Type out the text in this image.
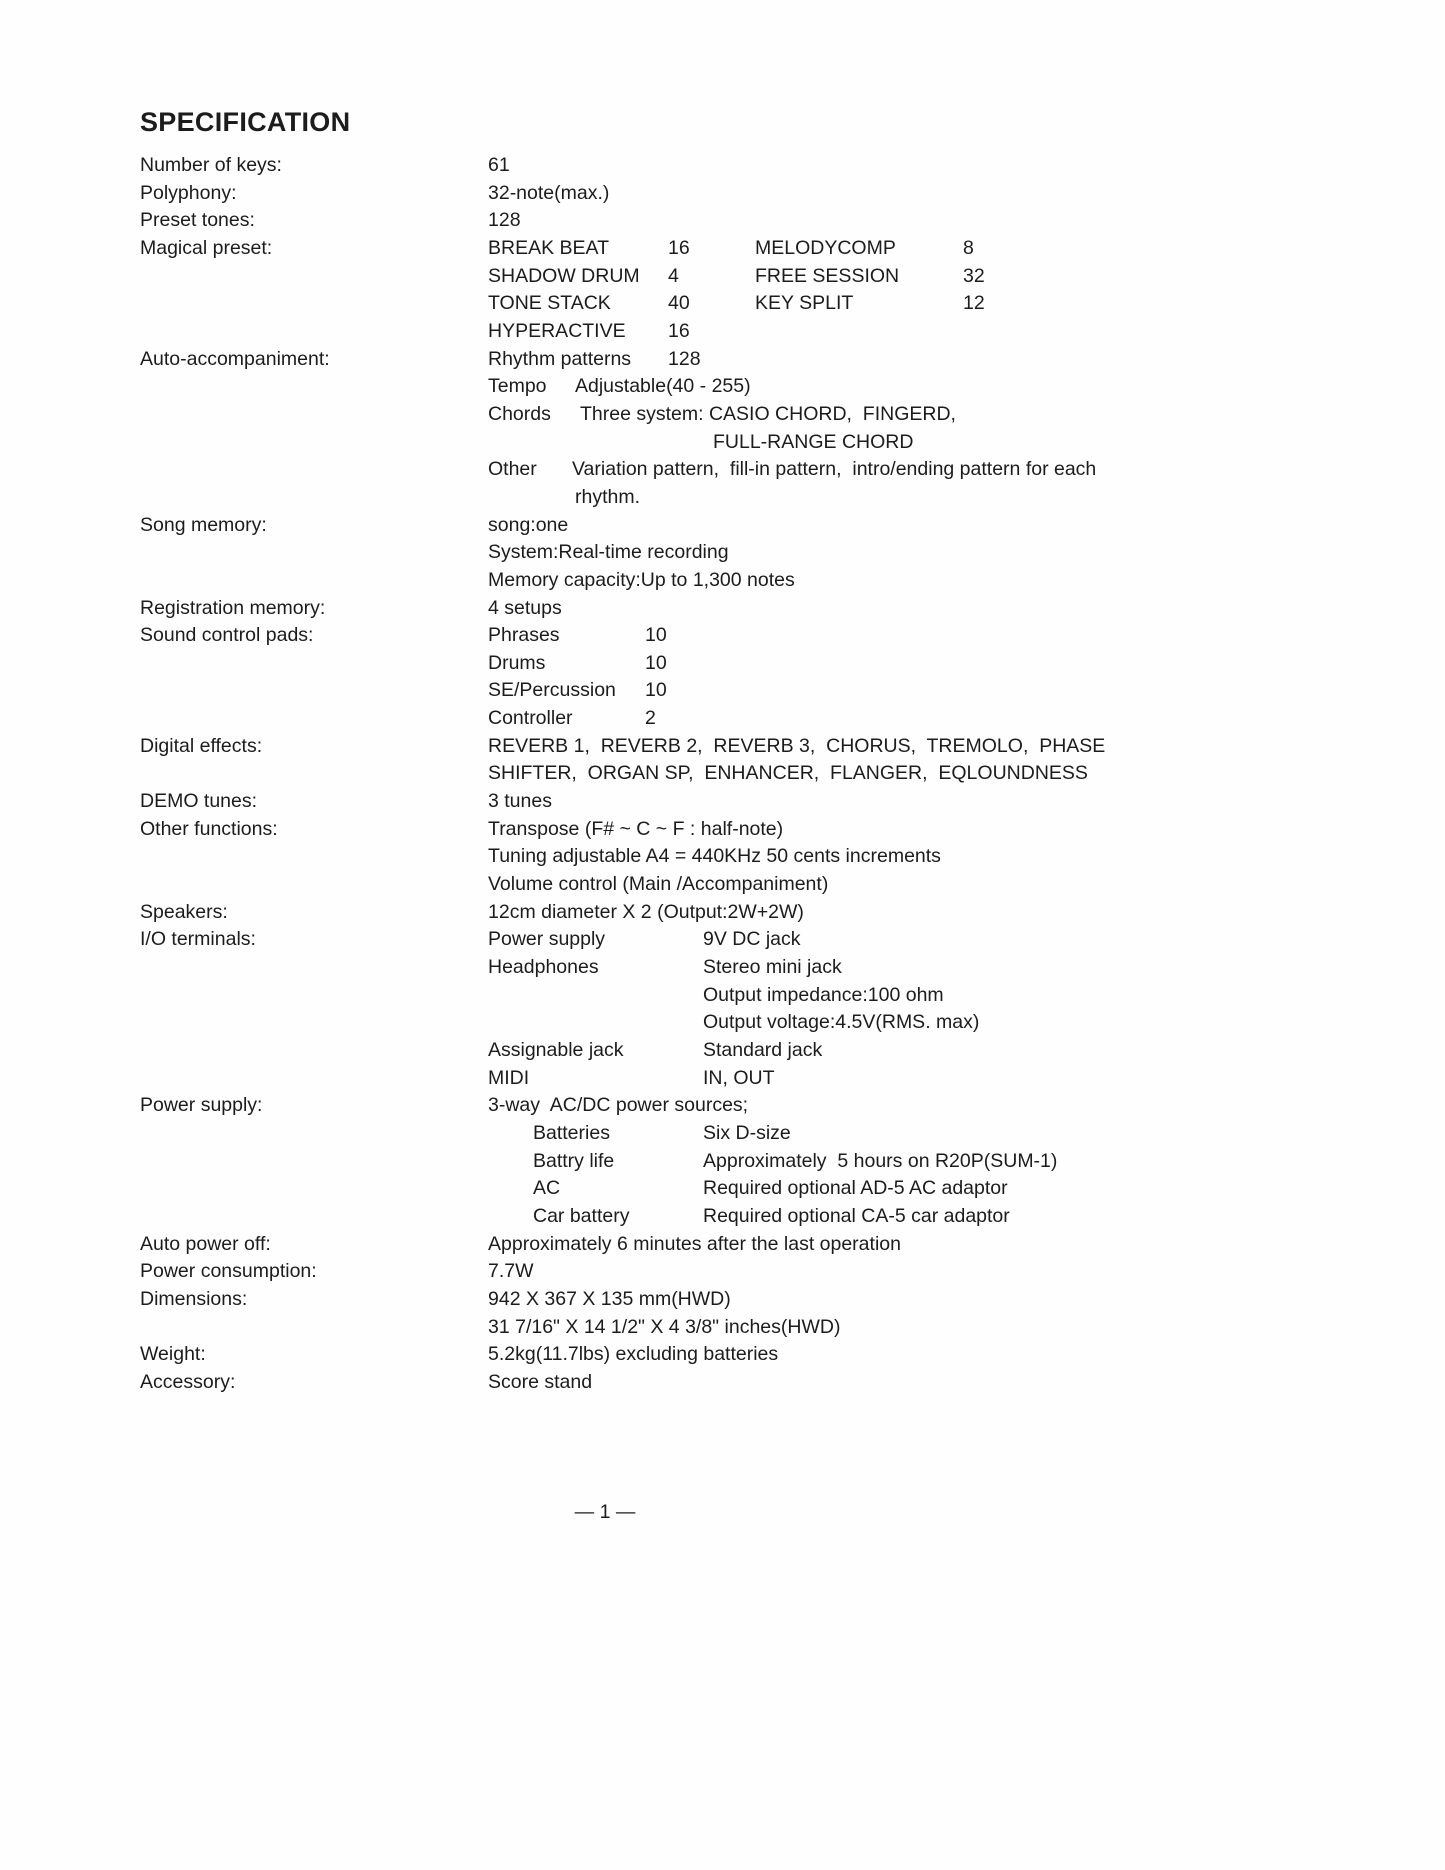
SPECIFICATION
Number of keys:	61
Polyphony:	32-note(max.)
Preset tones:	128
Magical preset:	BREAK BEAT	16	MELODYCOMP	8
SHADOW DRUM	4	FREE SESSION	32
TONE STACK	40	KEY SPLIT	12
HYPERACTIVE	16
Auto-accompaniment:	Rhythm patterns	128
Tempo	Adjustable(40 - 255)
Chords	Three system: CASIO CHORD,  FINGERD,
FULL-RANGE CHORD
Other	Variation pattern,  fill-in pattern,  intro/ending pattern for each
rhythm.
Song memory:	song:one
System:Real-time recording
Memory capacity:Up to 1,300 notes
Registration memory:	4 setups
Sound control pads:	Phrases	10
Drums	10
SE/Percussion	10
Controller	2
Digital effects:	REVERB 1,  REVERB 2,  REVERB 3,  CHORUS,  TREMOLO,  PHASE
SHIFTER,  ORGAN SP,  ENHANCER,  FLANGER,  EQLOUNDNESS
DEMO tunes:	3 tunes
Other functions:	Transpose (F# ~ C ~ F : half-note)
Tuning adjustable A4 = 440KHz 50 cents increments
Volume control (Main /Accompaniment)
Speakers:	12cm diameter X 2 (Output:2W+2W)
I/O terminals:	Power supply	9V DC jack
Headphones	Stereo mini jack
Output impedance:100 ohm
Output voltage:4.5V(RMS. max)
Assignable jack	Standard jack
MIDI	IN, OUT
Power supply:	3-way  AC/DC power sources;
Batteries	Six D-size
Battry life	Approximately  5 hours on R20P(SUM-1)
AC	Required optional AD-5 AC adaptor
Car battery	Required optional CA-5 car adaptor
Auto power off:	Approximately 6 minutes after the last operation
Power consumption:	7.7W
Dimensions:	942 X 367 X 135 mm(HWD)
31 7/16" X 14 1/2" X 4 3/8" inches(HWD)
Weight:	5.2kg(11.7lbs) excluding batteries
Accessory:	Score stand
— 1 —
